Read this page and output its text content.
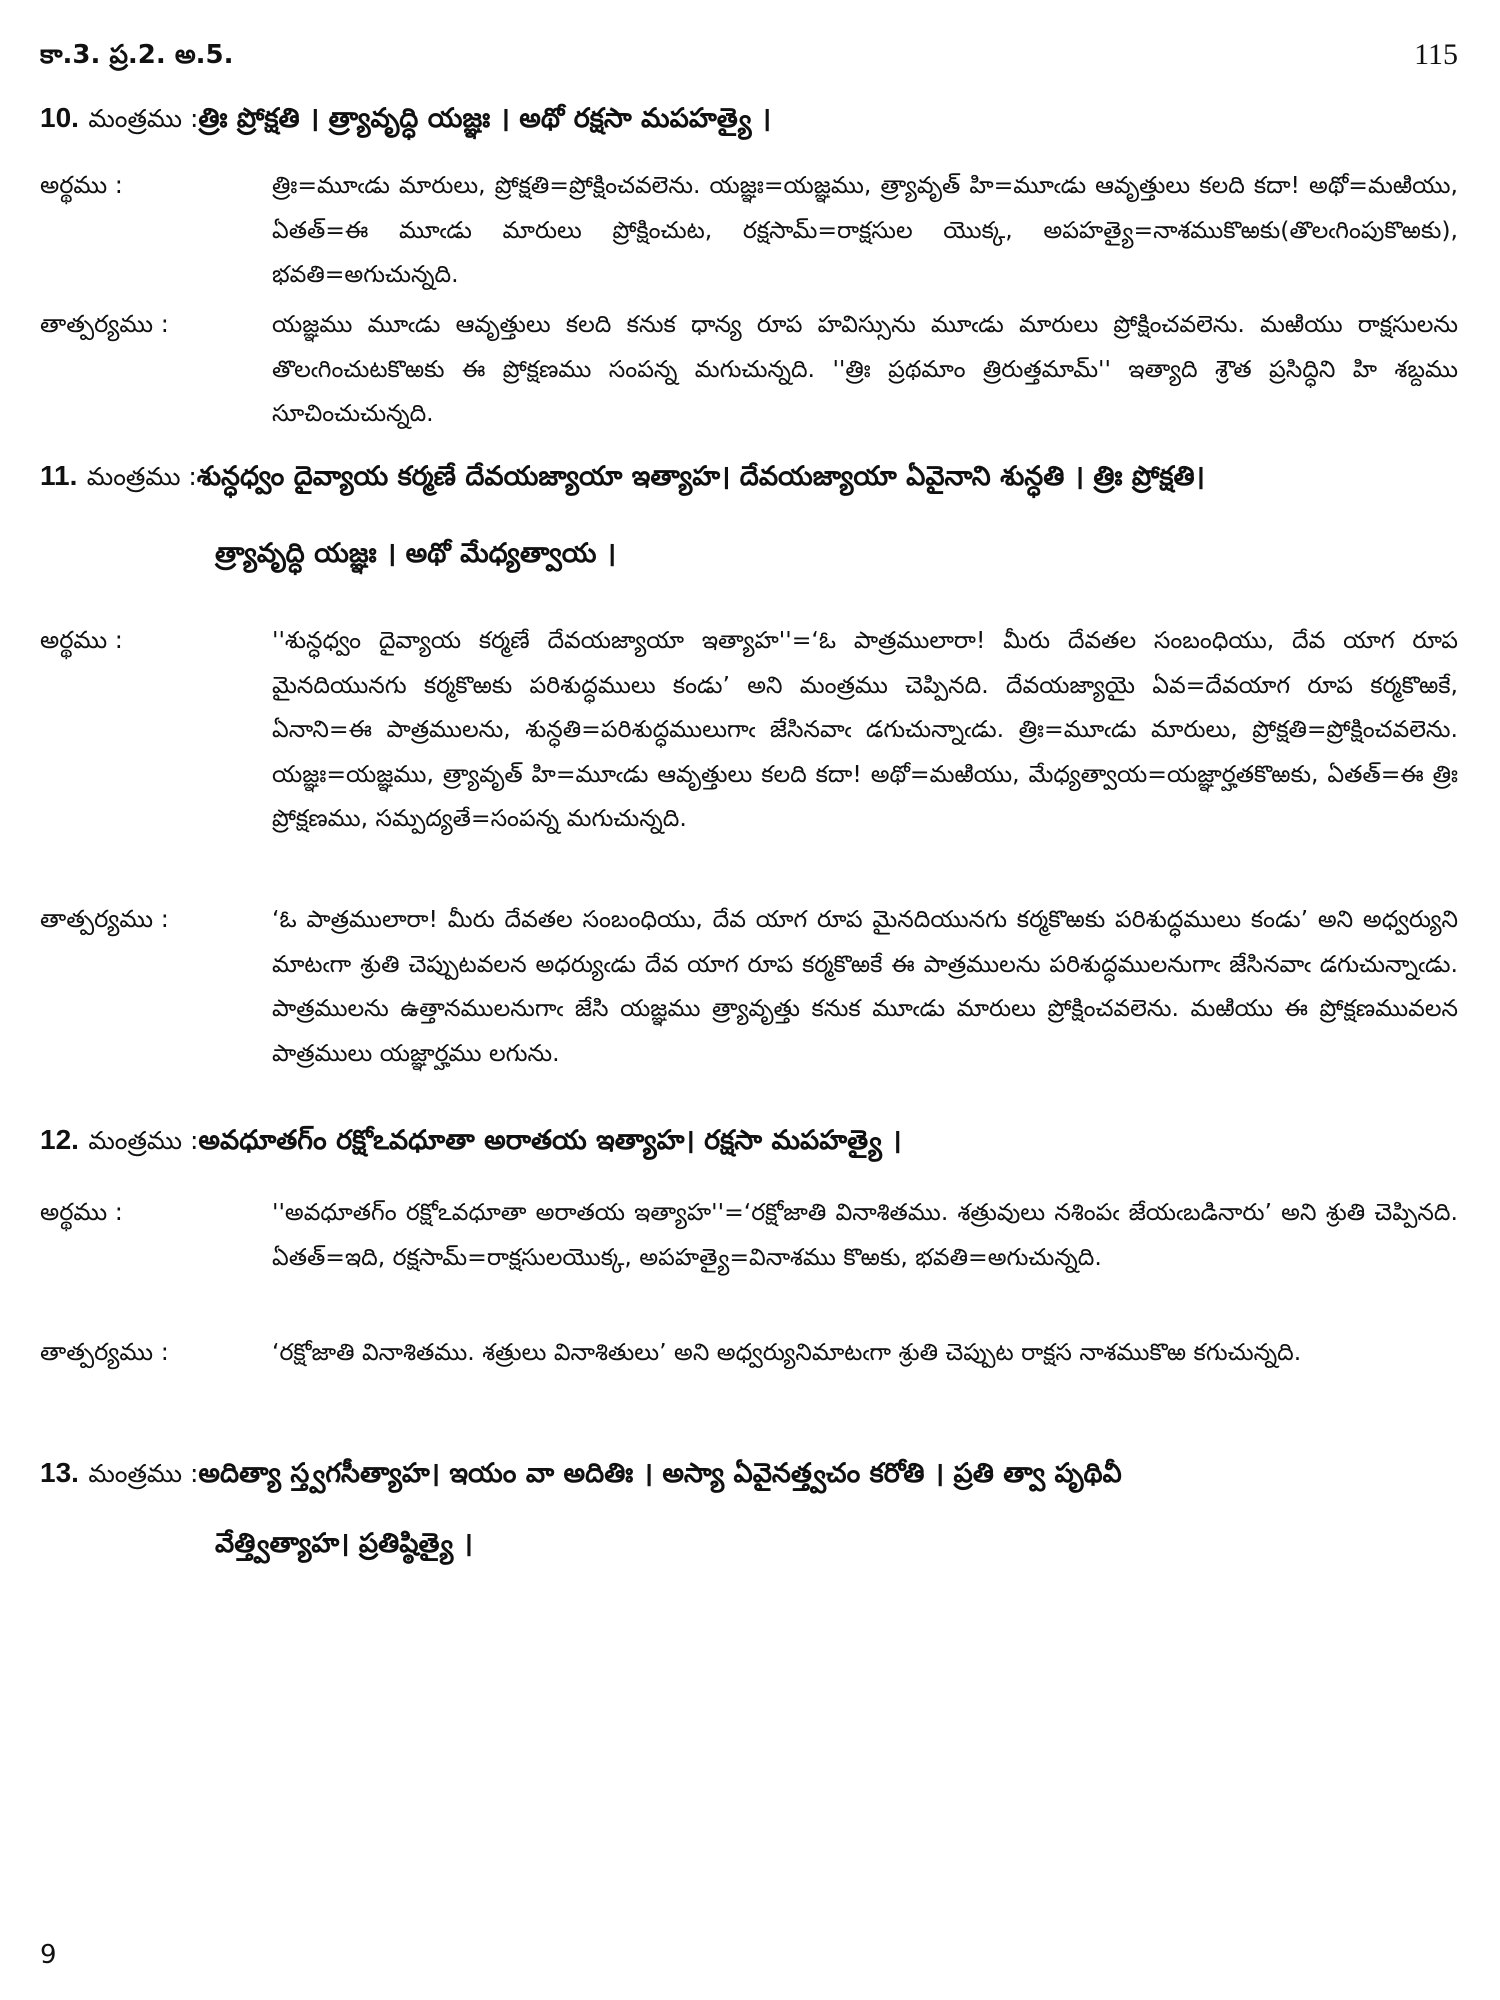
కా.3. ప్ర.2. అ.5.	115
10. మంత్రము :త్రిః ప్రోక్షతి । త్ర్యావృద్ధి యజ్ఞః । అథో రక్షసా మపహత్యై ।
అర్థము :	త్రిః=మూఁడు మారులు, ప్రోక్షతి=ప్రోక్షించవలెను. యజ్ఞః=యజ్ఞము, త్ర్యావృత్ హి=మూఁడు ఆవృత్తులు కలది కదా! అథో=మఱియు, ఏతత్=ఈ మూఁడు మారులు ప్రోక్షించుట, రక్షసామ్=రాక్షసుల యొక్క, అపహత్యై=నాశముకొఱకు(తొలఁగింపుకొఱకు), భవతి=అగుచున్నది.

తాత్పర్యము :	యజ్ఞము మూఁడు ఆవృత్తులు కలది కనుక ధాన్య రూప హవిస్సును మూఁడు మారులు ప్రోక్షించవలెను. మఱియు రాక్షసులను తొలఁగించుటకొఱకు ఈ ప్రోక్షణము సంపన్న మగుచున్నది. ''త్రిః ప్రథమాం త్రిరుత్తమామ్'' ఇత్యాది శ్రౌత ప్రసిద్ధిని హి శబ్దము సూచించుచున్నది.

11. మంత్రము :శున్ధధ్వం దైవ్యాయ కర్మణే దేవయజ్యాయా ఇత్యాహ। దేవయజ్యాయా ఏవైనాని శున్ధతి । త్రిః ప్రోక్షతి।
త్ర్యావృద్ధి యజ్ఞః । అథో మేధ్యత్వాయ ।
అర్థము :	''శున్ధధ్వం దైవ్యాయ కర్మణే దేవయజ్యాయా ఇత్యాహ''=‘ఓ పాత్రములారా! మీరు దేవతల సంబంధియు, దేవ యాగ రూప మైనదియునగు కర్మకొఱకు పరిశుద్ధములు కండు’ అని మంత్రము చెప్పినది. దేవయజ్యాయై ఏవ=దేవయాగ రూప కర్మకొఱకే, ఏనాని=ఈ పాత్రములను, శున్ధతి=పరిశుద్ధములుగాఁ జేసినవాఁ డగుచున్నాఁడు. త్రిః=మూఁడు మారులు, ప్రోక్షతి=ప్రోక్షించవలెను. యజ్ఞః=యజ్ఞము, త్ర్యావృత్ హి=మూఁడు ఆవృత్తులు కలది కదా! అథో=మఱియు, మేధ్యత్వాయ=యజ్ఞార్హతకొఱకు, ఏతత్=ఈ త్రిః ప్రోక్షణము, సమ్పద్యతే=సంపన్న మగుచున్నది.

తాత్పర్యము :	‘ఓ పాత్రములారా! మీరు దేవతల సంబంధియు, దేవ యాగ రూప మైనదియునగు కర్మకొఱకు పరిశుద్ధములు కండు’ అని అధ్వర్యుని మాటఁగా శ్రుతి చెప్పుటవలన అధర్యుఁడు దేవ యాగ రూప కర్మకొఱకే ఈ పాత్రములను పరిశుద్ధములనుగాఁ జేసినవాఁ డగుచున్నాఁడు. పాత్రములను ఉత్తానములనుగాఁ జేసి యజ్ఞము త్ర్యావృత్తు కనుక మూఁడు మారులు ప్రోక్షించవలెను. మఱియు ఈ ప్రోక్షణమువలన పాత్రములు యజ్ఞార్హము లగును.

12. మంత్రము :అవధూతగ్ం రక్షోఽవధూతా అరాతయ ఇత్యాహ। రక్షసా మపహత్యై ।
అర్థము :	''అవధూతగ్ం రక్షోఽవధూతా అరాతయ ఇత్యాహ''=‘రక్షోజాతి వినాశితము. శత్రువులు నశింపఁ జేయఁబడినారు’ అని శ్రుతి చెప్పినది. ఏతత్=ఇది, రక్షసామ్=రాక్షసులయొక్క, అపహత్యై=వినాశము కొఱకు, భవతి=అగుచున్నది.

తాత్పర్యము :	‘రక్షోజాతి వినాశితము. శత్రులు వినాశితులు’ అని అధ్వర్యునిమాటఁగా శ్రుతి చెప్పుట రాక్షస నాశముకొఱ కగుచున్నది.

13. మంత్రము :అదిత్యా స్త్వగసీత్యాహ। ఇయం వా అదితిః । అస్యా ఏవైనత్త్వచం కరోతి । ప్రతి త్వా పృథివీ
వేత్త్విత్యాహ। ప్రతిష్ఠిత్యై ।
9
